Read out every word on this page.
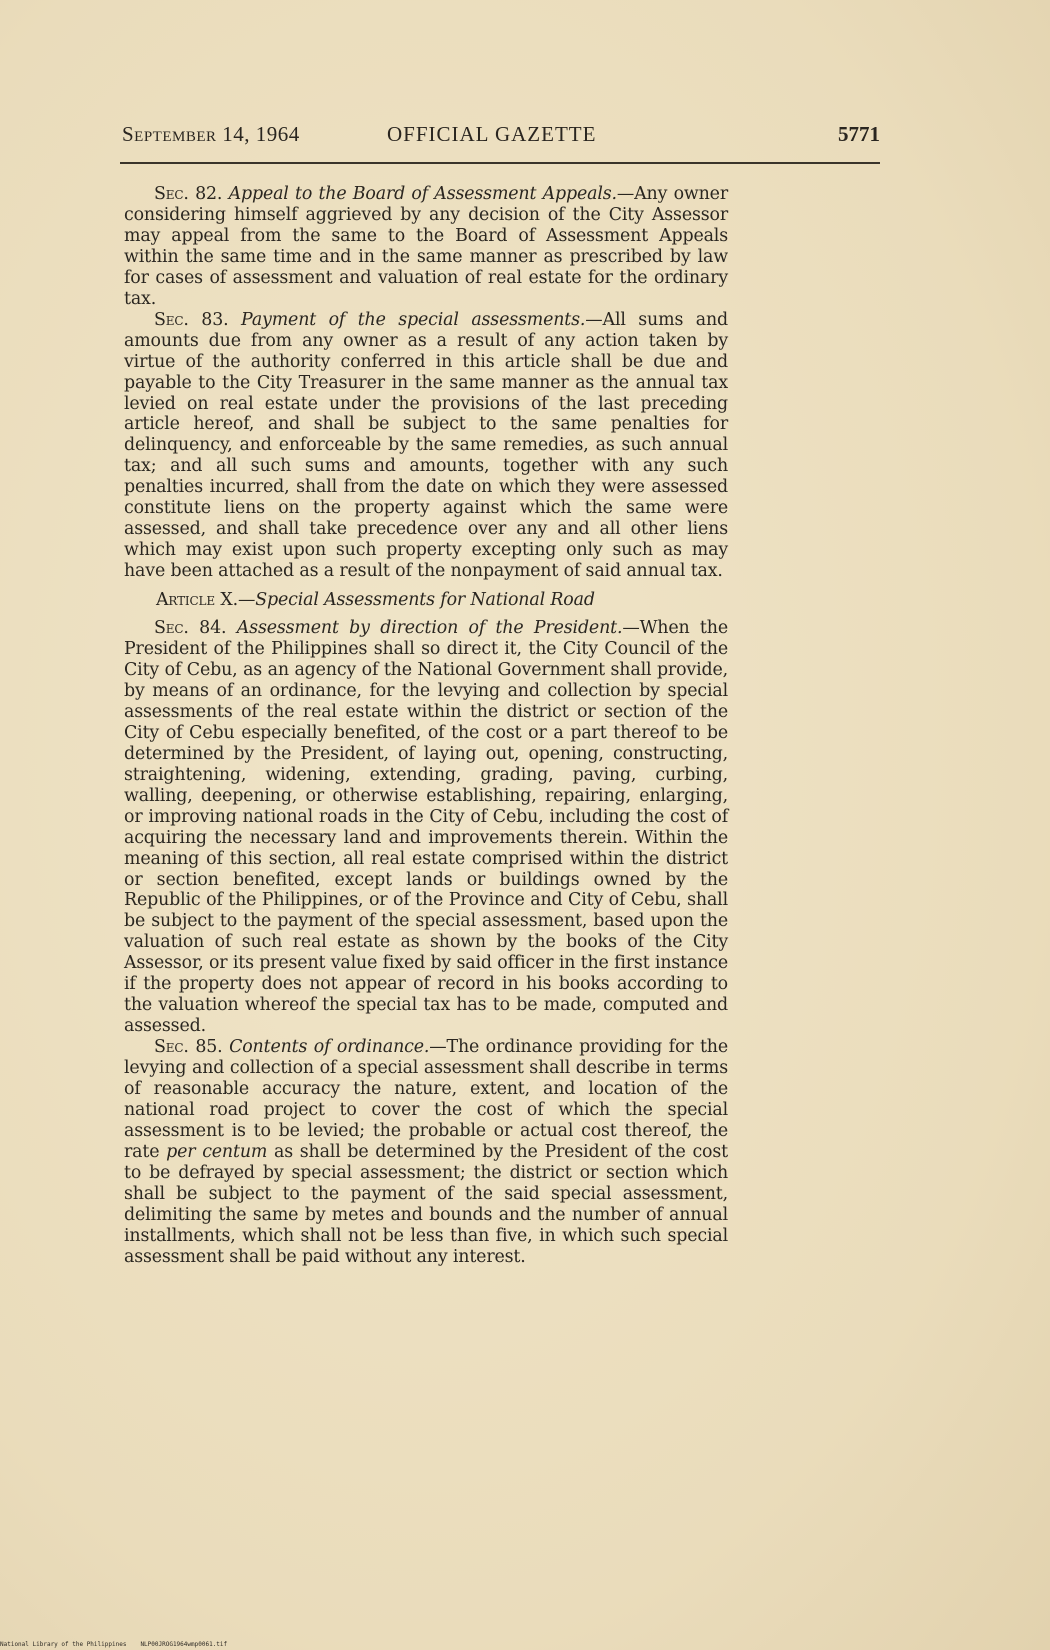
September 14, 1964	OFFICIAL GAZETTE	5771

Sec. 82. Appeal to the Board of Assessment Appeals.—Any owner considering himself aggrieved by any decision of the City Assessor may appeal from the same to the Board of Assessment Appeals within the same time and in the same manner as prescribed by law for cases of assessment and valuation of real estate for the ordinary tax.

Sec. 83. Payment of the special assessments.—All sums and amounts due from any owner as a result of any action taken by virtue of the authority conferred in this article shall be due and payable to the City Treasurer in the same manner as the annual tax levied on real estate under the provisions of the last preceding article hereof, and shall be subject to the same penalties for delinquency, and enforceable by the same remedies, as such annual tax; and all such sums and amounts, together with any such penalties incurred, shall from the date on which they were assessed constitute liens on the property against which the same were assessed, and shall take precedence over any and all other liens which may exist upon such property excepting only such as may have been attached as a result of the nonpayment of said annual tax.

Article X.—Special Assessments for National Road

Sec. 84. Assessment by direction of the President.—When the President of the Philippines shall so direct it, the City Council of the City of Cebu, as an agency of the National Government shall provide, by means of an ordinance, for the levying and collection by special assessments of the real estate within the district or section of the City of Cebu especially benefited, of the cost or a part thereof to be determined by the President, of laying out, opening, constructing, straightening, widening, extending, grading, paving, curbing, walling, deepening, or otherwise establishing, repairing, enlarging, or improving national roads in the City of Cebu, including the cost of acquiring the necessary land and improvements therein. Within the meaning of this section, all real estate comprised within the district or section benefited, except lands or buildings owned by the Republic of the Philippines, or of the Province and City of Cebu, shall be subject to the payment of the special assessment, based upon the valuation of such real estate as shown by the books of the City Assessor, or its present value fixed by said officer in the first instance if the property does not appear of record in his books according to the valuation whereof the special tax has to be made, computed and assessed.

Sec. 85. Contents of ordinance.—The ordinance providing for the levying and collection of a special assessment shall describe in terms of reasonable accuracy the nature, extent, and location of the national road project to cover the cost of which the special assessment is to be levied; the probable or actual cost thereof, the rate per centum as shall be determined by the President of the cost to be defrayed by special assessment; the district or section which shall be subject to the payment of the said special assessment, delimiting the same by metes and bounds and the number of annual installments, which shall not be less than five, in which such special assessment shall be paid without any interest.

National Library of the Philippines NLP00JROG1964wmp0061.tif
